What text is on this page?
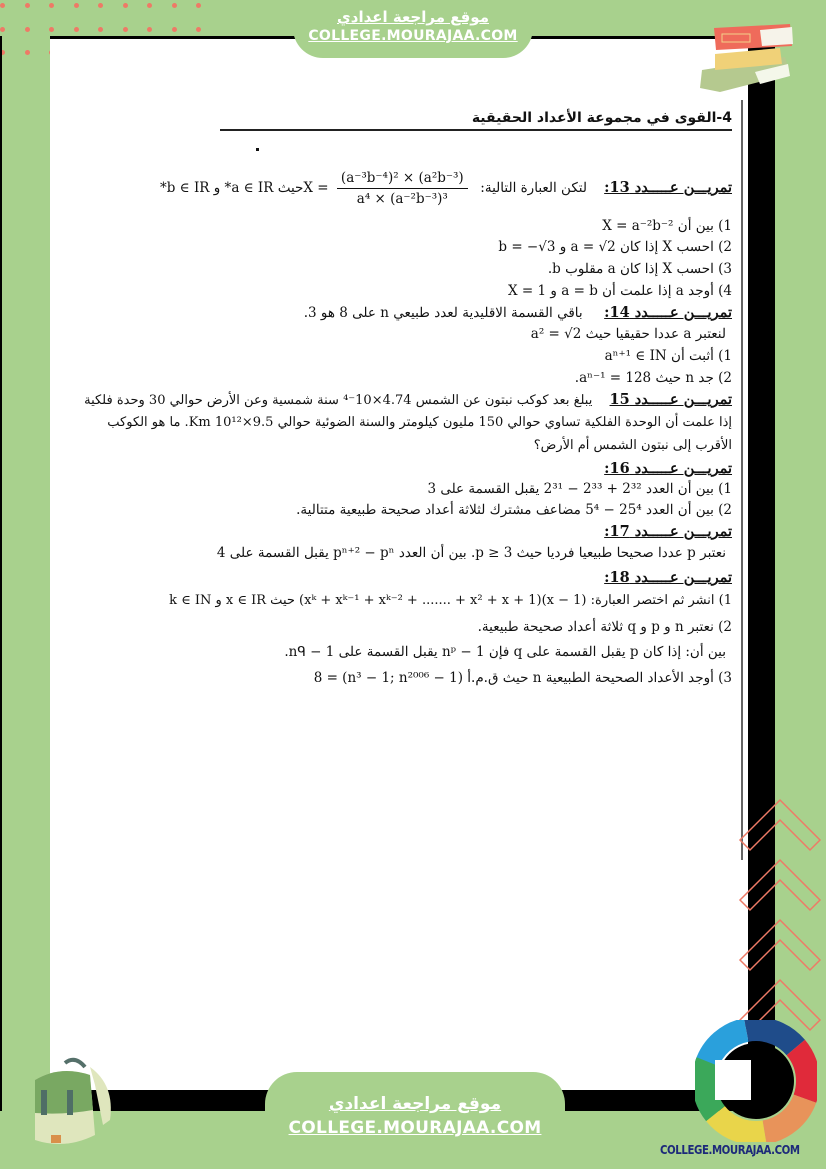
موقع مراجعة اعدادي
COLLEGE.MOURAJAA.COM
4-القوى في مجموعة الأعداد الحقيقية
تمريـــن عـــــدد 13:    لتكن العبارة التالية: $X = \frac{\text{(a⁻³b⁻⁴)² × (a²b⁻³)}}{\text{a⁴ × (a⁻²b⁻³)³}}$
حيث a ∈ IR* و b ∈ IR*
1) بين أن X = a⁻²b⁻²
2) احسب X إذا كان a = √2 و b = −√3
3) احسب X إذا كان a مقلوب b.
4) أوجد a إذا علمت أن a = b و X = 1
تمريـــن عـــــدد 14:     باقي القسمة الاقليدية لعدد طبيعي n على 8 هو 3.
لنعتبر a عددا حقيقيا حيث a² = √2
1) أثبت أن aⁿ⁺¹ ∈ IN
2) جد n حيث aⁿ⁻¹ = 128.
تمريـــن عـــــدد 15    يبلغ بعد كوكب نبتون عن الشمس 4.74×10⁻⁴ سنة شمسية وعن الأرض حوالي 30 وحدة فلكية
إذا علمت أن الوحدة الفلكية تساوي حوالي 150 مليون كيلومتر والسنة الضوئية حوالي 9.5×10¹² Km. ما هو الكوكب
الأقرب إلى نبتون الشمس أم الأرض؟
تمريـــن عـــــدد 16:
1) بين أن العدد 2³² + 2³³ − 2³¹ يقبل القسمة على 3
2) بين أن العدد 25⁴ − 5⁴ مضاعف مشترك لثلاثة أعداد صحيحة طبيعية متتالية.
تمريـــن عـــــدد 17:
نعتبر p عددا صحيحا طبيعيا فرديا حيث p ≥ 3. بين أن العدد pⁿ⁺² − pⁿ يقبل القسمة على 4
تمريـــن عـــــدد 18:
1) انشر ثم اختصر العبارة: (x − 1)(xᵏ + xᵏ⁻¹ + xᵏ⁻² + ....... + x² + x + 1) حيث x ∈ IR و k ∈ IN
2) نعتبر n و p و q ثلاثة أعداد صحيحة طبيعية.
بين أن: إذا كان p يقبل القسمة على q فإن nᵖ − 1 يقبل القسمة على nᑫ − 1.
3) أوجد الأعداد الصحيحة الطبيعية n حيث ق.م.أ (n³ − 1; n²⁰⁰⁶ − 1) = 8
موقع مراجعة اعدادي
COLLEGE.MOURAJAA.COM
COLLEGE.MOURAJAA.COM
